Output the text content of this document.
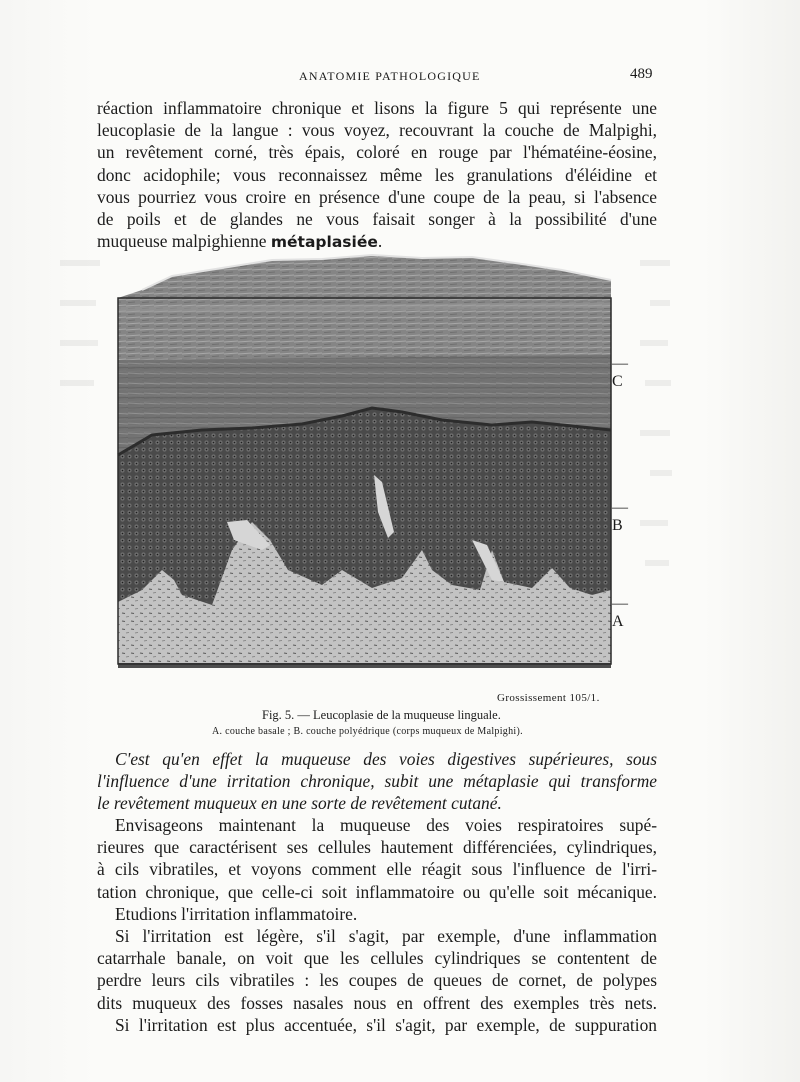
ANATOMIE PATHOLOGIQUE	489

réaction inflammatoire chronique et lisons la figure 5 qui représente une
leucoplasie de la langue : vous voyez, recouvrant la couche de Malpighi,
un revêtement corné, très épais, coloré en rouge par l'hématéine-éosine,
donc acidophile; vous reconnaissez même les granulations d'éléidine et
vous pourriez vous croire en présence d'une coupe de la peau, si l'absence
de poils et de glandes ne vous faisait songer à la possibilité d'une
muqueuse malpighienne métaplasiée.

—C
—B
—A
Grossissement 105/1.
Fig. 5. — Leucoplasie de la muqueuse linguale.
A. couche basale ; B. couche polyédrique (corps muqueux de Malpighi).

C'est qu'en effet la muqueuse des voies digestives supérieures, sous
l'influence d'une irritation chronique, subit une métaplasie qui transforme
le revêtement muqueux en une sorte de revêtement cutané.

Envisageons maintenant la muqueuse des voies respiratoires supé-
rieures que caractérisent ses cellules hautement différenciées, cylindriques,
à cils vibratiles, et voyons comment elle réagit sous l'influence de l'irri-
tation chronique, que celle-ci soit inflammatoire ou qu'elle soit mécanique.

Etudions l'irritation inflammatoire.

Si l'irritation est légère, s'il s'agit, par exemple, d'une inflammation
catarrhale banale, on voit que les cellules cylindriques se contentent de
perdre leurs cils vibratiles : les coupes de queues de cornet, de polypes
dits muqueux des fosses nasales nous en offrent des exemples très nets.

Si l'irritation est plus accentuée, s'il s'agit, par exemple, de suppuration
